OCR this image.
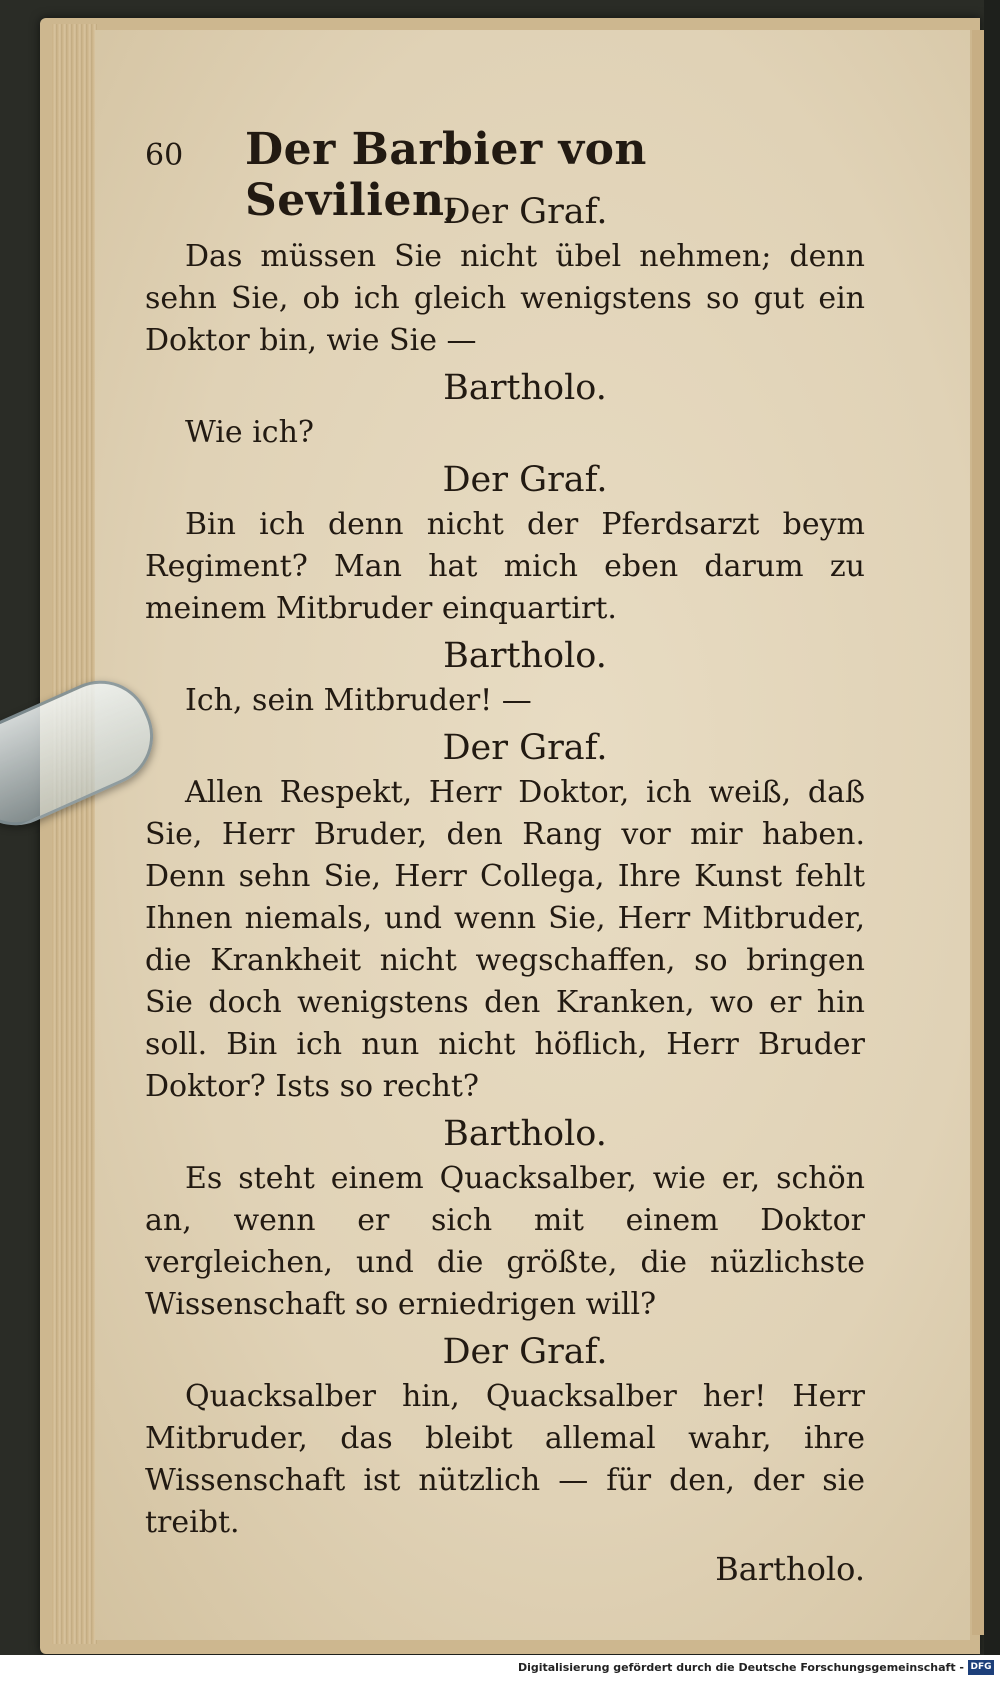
60 Der Barbier von Sevilien,
Der Graf.
Das müssen Sie nicht übel nehmen; denn sehn Sie, ob ich gleich wenigstens so gut ein Doktor bin, wie Sie —
Bartholo.
Wie ich?
Der Graf.
Bin ich denn nicht der Pferdsarzt beym Regiment? Man hat mich eben darum zu meinem Mitbruder einquartirt.
Bartholo.
Ich, sein Mitbruder! —
Der Graf.
Allen Respekt, Herr Doktor, ich weiß, daß Sie, Herr Bruder, den Rang vor mir haben. Denn sehn Sie, Herr Collega, Ihre Kunst fehlt Ihnen niemals, und wenn Sie, Herr Mitbruder, die Krankheit nicht wegschaffen, so bringen Sie doch wenigstens den Kranken, wo er hin soll. Bin ich nun nicht höflich, Herr Bruder Doktor? Ists so recht?
Bartholo.
Es steht einem Quacksalber, wie er, schön an, wenn er sich mit einem Doktor vergleichen, und die größte, die nüzlichste Wissenschaft so erniedrigen will?
Der Graf.
Quacksalber hin, Quacksalber her! Herr Mitbruder, das bleibt allemal wahr, ihre Wissenschaft ist nützlich — für den, der sie treibt.
Bartholo.
Digitalisierung gefördert durch die Deutsche Forschungsgemeinschaft - DFG
